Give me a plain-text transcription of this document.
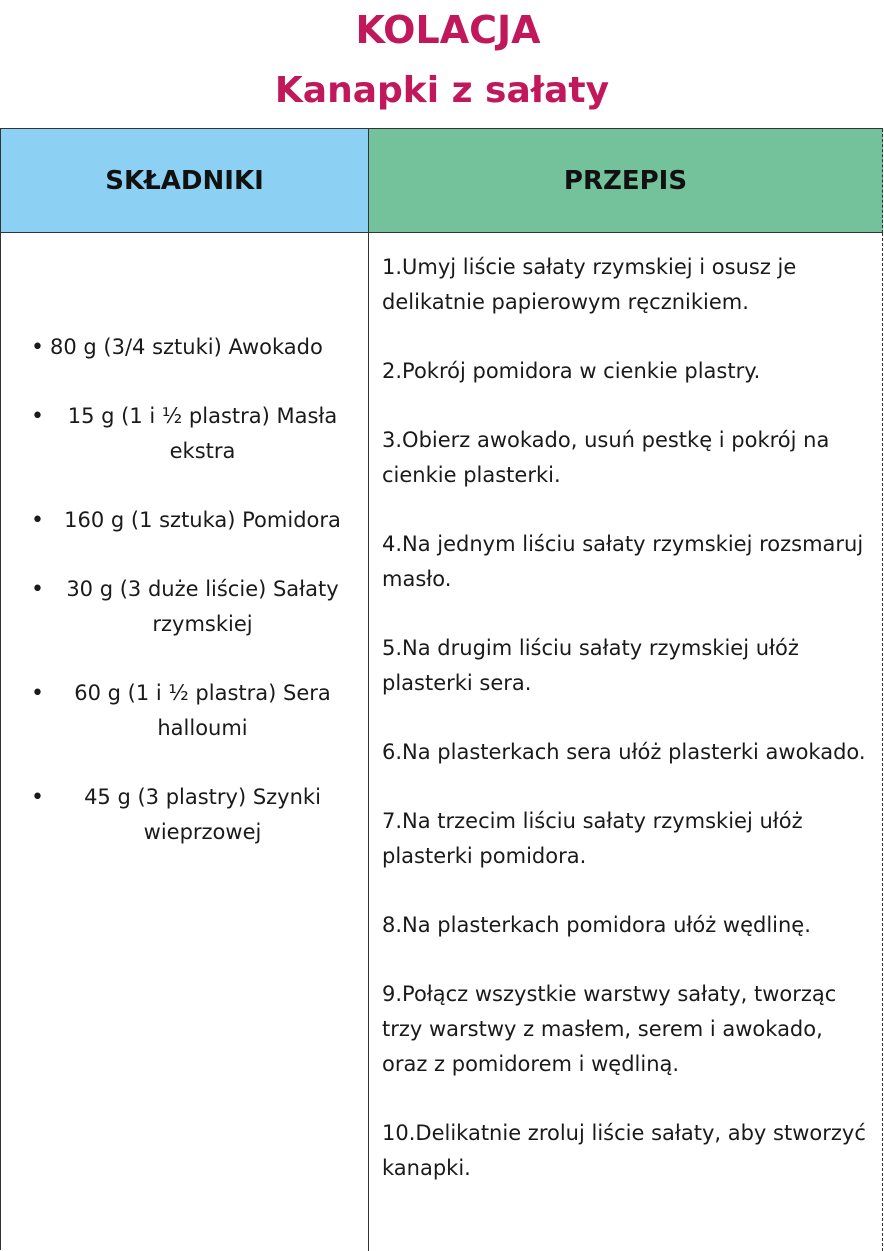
KOLACJA
Kanapki z sałaty
SKŁADNIKI	PRZEPIS
• 80 g (3/4 sztuki) Awokado
•	15 g (1 i ½ plastra) Masła ekstra
• 160 g (1 sztuka) Pomidora
•	30 g (3 duże liście) Sałaty rzymskiej
•	60 g (1 i ½ plastra) Sera halloumi
•	45 g (3 plastry) Szynki wieprzowej

1.Umyj liście sałaty rzymskiej i osusz je delikatnie papierowym ręcznikiem.

2.Pokrój pomidora w cienkie plastry.

3.Obierz awokado, usuń pestkę i pokrój na cienkie plasterki.

4.Na jednym liściu sałaty rzymskiej rozsmaruj masło.

5.Na drugim liściu sałaty rzymskiej ułóż plasterki sera.

6.Na plasterkach sera ułóż plasterki awokado.

7.Na trzecim liściu sałaty rzymskiej ułóż plasterki pomidora.

8.Na plasterkach pomidora ułóż wędlinę.

9.Połącz wszystkie warstwy sałaty, tworząc trzy warstwy z masłem, serem i awokado, oraz z pomidorem i wędliną.

10.Delikatnie zroluj liście sałaty, aby stworzyć kanapki.
